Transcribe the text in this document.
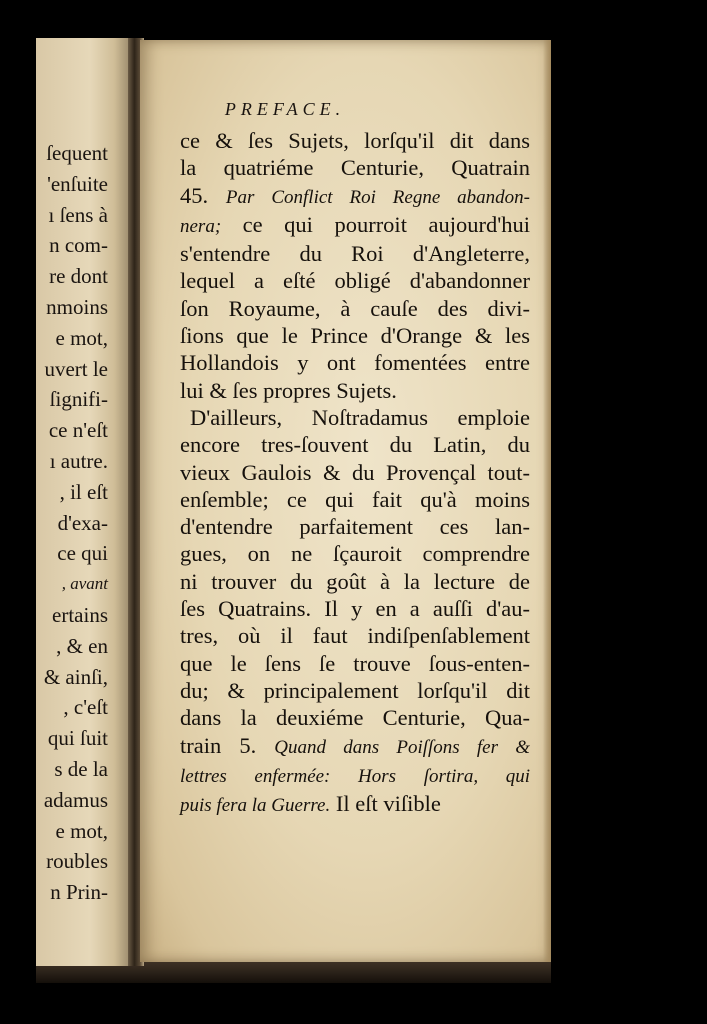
ſequent
'enſuite
ı ſens à
n com-
re dont
nmoins
e mot,
uvert le
ſignifi-
ce n'eſt
ı autre.
, il eſt
d'exa-
ce qui
, avant
ertains
, & en
& ainſi,
, c'eſt
qui ſuit
s de la
adamus
e mot,
roubles
n Prin-
PREFACE.
ce & ſes Sujets, lorſqu'il dit dans
la quatriéme Centurie, Quatrain
45. Par Conflict Roi Regne abandon-
nera; ce qui pourroit aujourd'hui
s'entendre du Roi d'Angleterre,
lequel a eſté obligé d'abandonner
ſon Royaume, à cauſe des divi-
ſions que le Prince d'Orange & les
Hollandois y ont fomentées entre
lui & ſes propres Sujets.
D'ailleurs, Noſtradamus emploie
encore tres-ſouvent du Latin, du
vieux Gaulois & du Provençal tout-
enſemble; ce qui fait qu'à moins
d'entendre parfaitement ces lan-
gues, on ne ſçauroit comprendre
ni trouver du goût à la lecture de
ſes Quatrains. Il y en a auſſi d'au-
tres, où il faut indiſpenſablement
que le ſens ſe trouve ſous-enten-
du; & principalement lorſqu'il dit
dans la deuxiéme Centurie, Qua-
train 5. Quand dans Poiſſons fer &
lettres enfermée: Hors ſortira, qui
puis fera la Guerre. Il eſt viſible
